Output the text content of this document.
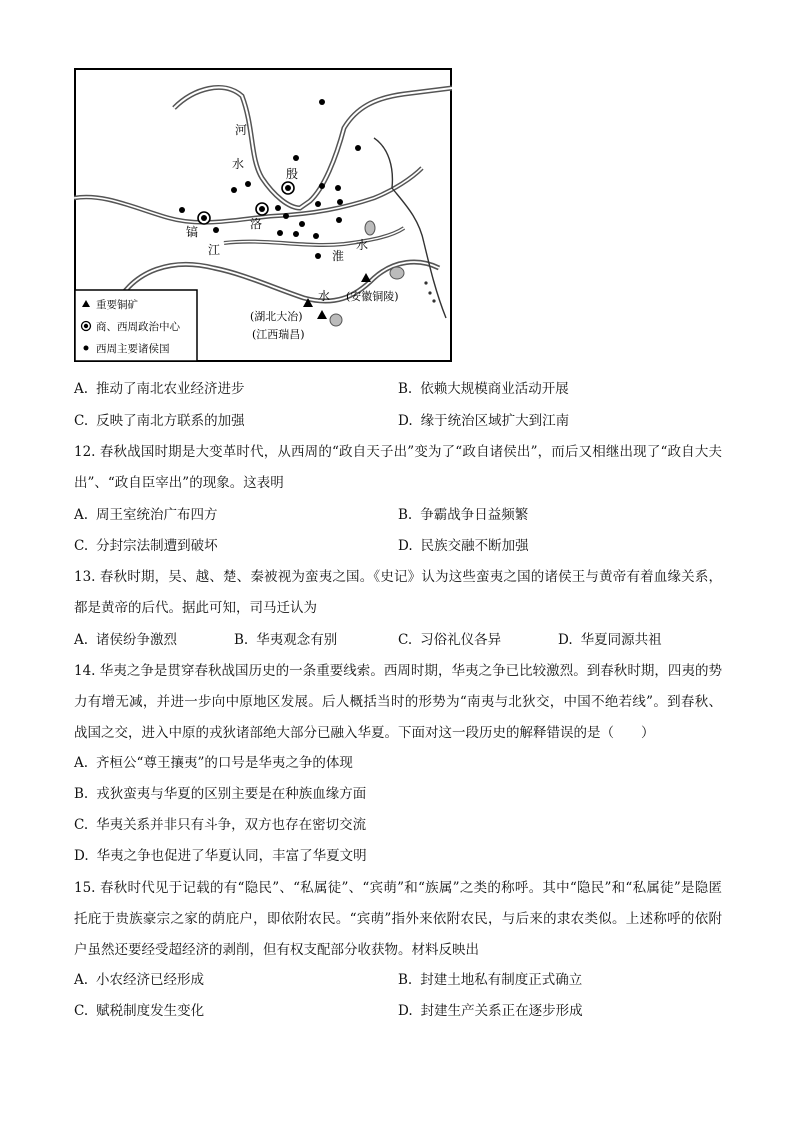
河
水
殷
镐
洛
水
淮
江
水 (安徽铜陵)
(湖北大冶)
(江西瑞昌)
重要铜矿
商、西周政治中心
西周主要诸侯国
A. 推动了南北农业经济进步	B. 依赖大规模商业活动开展
C. 反映了南北方联系的加强	D. 缘于统治区域扩大到江南
12. 春秋战国时期是大变革时代，从西周的“政自天子出”变为了“政自诸侯出”，而后又相继出现了“政自大夫出”、“政自臣宰出”的现象。这表明
A. 周王室统治广布四方	B. 争霸战争日益频繁
C. 分封宗法制遭到破坏	D. 民族交融不断加强
13. 春秋时期，吴、越、楚、秦被视为蛮夷之国。《史记》认为这些蛮夷之国的诸侯王与黄帝有着血缘关系，都是黄帝的后代。据此可知，司马迁认为
A. 诸侯纷争激烈	B. 华夷观念有别	C. 习俗礼仪各异	D. 华夏同源共祖
14. 华夷之争是贯穿春秋战国历史的一条重要线索。西周时期，华夷之争已比较激烈。到春秋时期，四夷的势力有增无减，并进一步向中原地区发展。后人概括当时的形势为“南夷与北狄交，中国不绝若线”。到春秋、战国之交，进入中原的戎狄诸部绝大部分已融入华夏。下面对这一段历史的解释错误的是（　　）
A. 齐桓公“尊王攘夷”的口号是华夷之争的体现
B. 戎狄蛮夷与华夏的区别主要是在种族血缘方面
C. 华夷关系并非只有斗争，双方也存在密切交流
D. 华夷之争也促进了华夏认同，丰富了华夏文明
15. 春秋时代见于记载的有“隐民”、“私属徒”、“宾萌”和“族属”之类的称呼。其中“隐民”和“私属徒”是隐匿托庇于贵族豪宗之家的荫庇户，即依附农民。“宾萌”指外来依附农民，与后来的隶农类似。上述称呼的依附户虽然还要经受超经济的剥削，但有权支配部分收获物。材料反映出
A. 小农经济已经形成	B. 封建土地私有制度正式确立
C. 赋税制度发生变化	D. 封建生产关系正在逐步形成
